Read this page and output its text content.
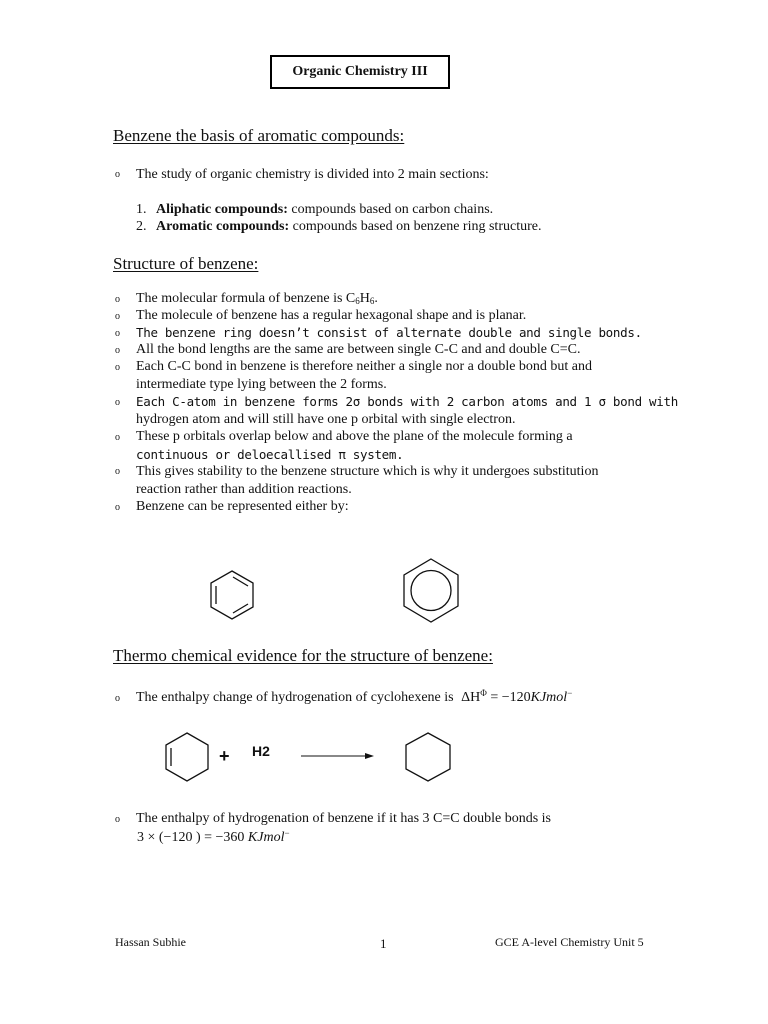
Organic Chemistry III
Benzene the basis of aromatic compounds:
o The study of organic chemistry is divided into 2 main sections:
1. Aliphatic compounds: compounds based on carbon chains.
2. Aromatic compounds: compounds based on benzene ring structure.
Structure of benzene:
o The molecular formula of benzene is $C_6H_6$.
o The molecule of benzene has a regular hexagonal shape and is planar.
o The benzene ring doesn’t consist of alternate double and single bonds.
o All the bond lengths are the same are between single C-C and and double C=C.
o Each C-C bond in benzene is therefore neither a single nor a double bond but and
intermediate type lying between the 2 forms.
o Each C-atom in benzene forms 2σ bonds with 2 carbon atoms and 1 σ bond with
hydrogen atom and will still have one p orbital with single electron.
o These p orbitals overlap below and above the plane of the molecule forming a
continuous or deloecallised π system.
o This gives stability to the benzene structure which is why it undergoes substitution
reaction rather than addition reactions.
o Benzene can be represented either by:
Thermo chemical evidence for the structure of benzene:
o The enthalpy change of hydrogenation of cyclohexene is $\Delta H^\Phi$ = −120KJmol−
+ H2
o The enthalpy of hydrogenation of benzene if it has 3 C=C double bonds is
3 × (−120 ) = −360 KJmol−
Hassan Subhie	1	GCE A-level Chemistry Unit 5
